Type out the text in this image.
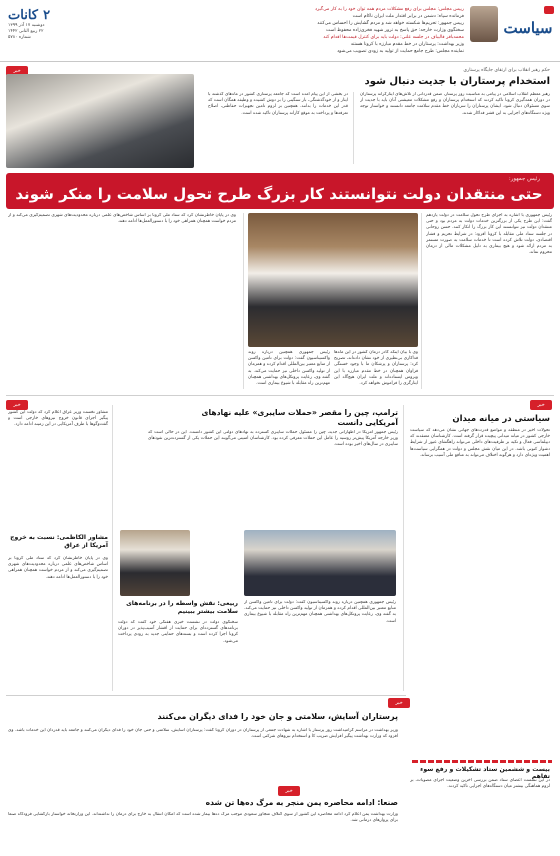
سیاست
رییس مجلس: مجلس برای رفع مشکلات مردم همه توان خود را به کار می‌گیرد
فرمانده سپاه: دشمن در برابر اقتدار ملت ایران ناکام است
رییس جمهور: تحریم‌ها شکسته خواهد شد و مردم گشایش را احساس می‌کنند
سخنگوی وزارت خارجه: حق پاسخ به ترور شهید فخری‌زاده محفوظ است
محمدباقر قالیباف در جلسه علنی: دولت باید برای کنترل قیمت‌ها اقدام کند
وزیر بهداشت: پرستاران در خط مقدم مبارزه با کرونا هستند
نماینده مجلس: طرح جامع حمایت از تولید به زودی تصویب می‌شود
۲ کانات
دوشنبه ۱۷ آذر ۱۳۹۹
۲۲ ربیع الثانی ۱۴۴۲
شماره ۵۷۸۰
خبر	حکم رهبر انقلاب برای ارتقای جایگاه پرستاری
استخدام پرستاران با جدیت دنبال شود
رهبر معظم انقلاب اسلامی در پیامی به مناسبت روز پرستار، ضمن قدردانی از تلاش‌های ایثارگرانه پرستاران در دوران همه‌گیری کرونا تاکید کردند که استخدام پرستاران و رفع مشکلات معیشتی آنان باید با جدیت از سوی مسئولان دنبال شود. ایشان پرستاران را سربازان خط مقدم سلامت جامعه دانستند و خواستار توجه ویژه دستگاه‌های اجرایی به این قشر فداکار شدند.
در بخشی از این پیام آمده است که جامعه پرستاری کشور در ماه‌های گذشته با ایثار و از خودگذشتگی، بار سنگینی را بر دوش کشیده و وظیفه همگان است که قدر این خدمات را بدانند. همچنین بر لزوم تامین تجهیزات حفاظتی، اصلاح تعرفه‌ها و پرداخت به موقع کارانه پرستاران تاکید شده است.
رئیس جمهور:
حتی منتقدان دولت نتوانستند کار بزرگ طرح تحول سلامت را منکر شوند
رئیس جمهوری با اشاره به اجرای طرح تحول سلامت در دولت یازدهم گفت: این طرح یکی از بزرگترین خدمات دولت به مردم بود و حتی منتقدان دولت نیز نتوانستند این کار بزرگ را انکار کنند. حسن روحانی در جلسه ستاد ملی مقابله با کرونا افزود: در شرایط تحریم و فشار اقتصادی، دولت تلاش کرده است تا خدمات سلامت به صورت مستمر به مردم ارائه شود و هیچ بیماری به دلیل مشکلات مالی از درمان محروم نماند.
وی با بیان اینکه کادر درمان کشور در این ماه‌ها فداکاری بی‌نظیری از خود نشان داده‌اند، تصریح کرد: پرستاران و پزشکان ما با وجود خستگی فراوان همچنان در خط مقدم مبارزه با این ویروس ایستاده‌اند و ملت ایران هیچ‌گاه این ایثارگری را فراموش نخواهد کرد.
رئیس جمهوری همچنین درباره روند واکسیناسیون گفت: دولت برای تامین واکسن از منابع معتبر بین‌المللی اقدام کرده و همزمان از تولید واکسن داخلی نیز حمایت می‌کند. به گفته وی، رعایت پروتکل‌های بهداشتی همچنان مهم‌ترین راه مقابله با شیوع بیماری است.
وی در پایان خاطرنشان کرد که ستاد ملی کرونا بر اساس شاخص‌های علمی درباره محدودیت‌های شهری تصمیم‌گیری می‌کند و از مردم خواست همچنان همراهی خود را با دستورالعمل‌ها ادامه دهند.
خبر	خبر
سیاستی در میانه میدان
تحولات اخیر در منطقه و مواضع قدرت‌های جهانی نشان می‌دهد که سیاست خارجی کشور در میانه میدانی پیچیده قرار گرفته است. کارشناسان معتقدند که دیپلماسی فعال و تکیه بر ظرفیت‌های داخلی می‌تواند راهگشای عبور از شرایط دشوار کنونی باشد. در این میان نقش مجلس و دولت در همگرایی سیاست‌ها اهمیت ویژه‌ای دارد و هرگونه اختلاف می‌تواند به منافع ملی آسیب برساند.
ترامپ، چین را مقصر «حملات سایبری» علیه نهادهای آمریکایی دانست
رئیس جمهور آمریکا در اظهاراتی جدید، چین را مسئول حملات سایبری گسترده به نهادهای دولتی این کشور دانست. این در حالی است که وزیر خارجه آمریکا پیش‌تر روسیه را عامل این حملات معرفی کرده بود. کارشناسان امنیتی می‌گویند این حملات یکی از گسترده‌ترین نفوذهای سایبری در سال‌های اخیر بوده است.
ربیعی: نقش واسطه را در برنامه‌های سلامت بیشتر ببینیم
سخنگوی دولت در نشست خبری هفتگی خود گفت که دولت برنامه‌های گسترده‌ای برای حمایت از اقشار آسیب‌پذیر در دوران کرونا اجرا کرده است و بسته‌های حمایتی جدید به زودی پرداخت می‌شود.
رئیس جمهوری همچنین درباره روند واکسیناسیون گفت: دولت برای تامین واکسن از منابع معتبر بین‌المللی اقدام کرده و همزمان از تولید واکسن داخلی نیز حمایت می‌کند. به گفته وی، رعایت پروتکل‌های بهداشتی همچنان مهم‌ترین راه مقابله با شیوع بیماری است.
مشاور نخست وزیر عراق اعلام کرد که دولت این کشور پیگیر اجرای قانون خروج نیروهای خارجی است و گفت‌وگوها با طرف آمریکایی در این زمینه ادامه دارد.
مشاور الکاظمی: نسبت به خروج آمریکا از عراق
وی در پایان خاطرنشان کرد که ستاد ملی کرونا بر اساس شاخص‌های علمی درباره محدودیت‌های شهری تصمیم‌گیری می‌کند و از مردم خواست همچنان همراهی خود را با دستورالعمل‌ها ادامه دهند.
خبر
پرستاران آسایش، سلامتی و جان خود را فدای دیگران می‌کنند
وزیر بهداشت در مراسم گرامیداشت روز پرستار با اشاره به شهادت جمعی از پرستاران در دوران کرونا گفت: پرستاران آسایش، سلامتی و حتی جان خود را فدای دیگران می‌کنند و جامعه باید قدردان این خدمات باشد. وی افزود که وزارت بهداشت پیگیر افزایش ضریب کا و استخدام نیروهای شرکتی است.
بیست و ششمین ستاد تشکیلات و رفع سوء تفاهم
در این نشست اعضای ستاد ضمن بررسی آخرین وضعیت اجرای مصوبات، بر لزوم هماهنگی بیشتر میان دستگاه‌های اجرایی تاکید کردند.
خبر
صنعا: ادامه محاصره یمن منجر به مرگ ده‌ها تن شده
وزارت بهداشت یمن اعلام کرد ادامه محاصره این کشور از سوی ائتلاف متجاوز سعودی موجب مرگ ده‌ها بیمار شده است که امکان انتقال به خارج برای درمان را نداشته‌اند. این وزارتخانه خواستار بازگشایی فرودگاه صنعا برای پروازهای درمانی شد.
